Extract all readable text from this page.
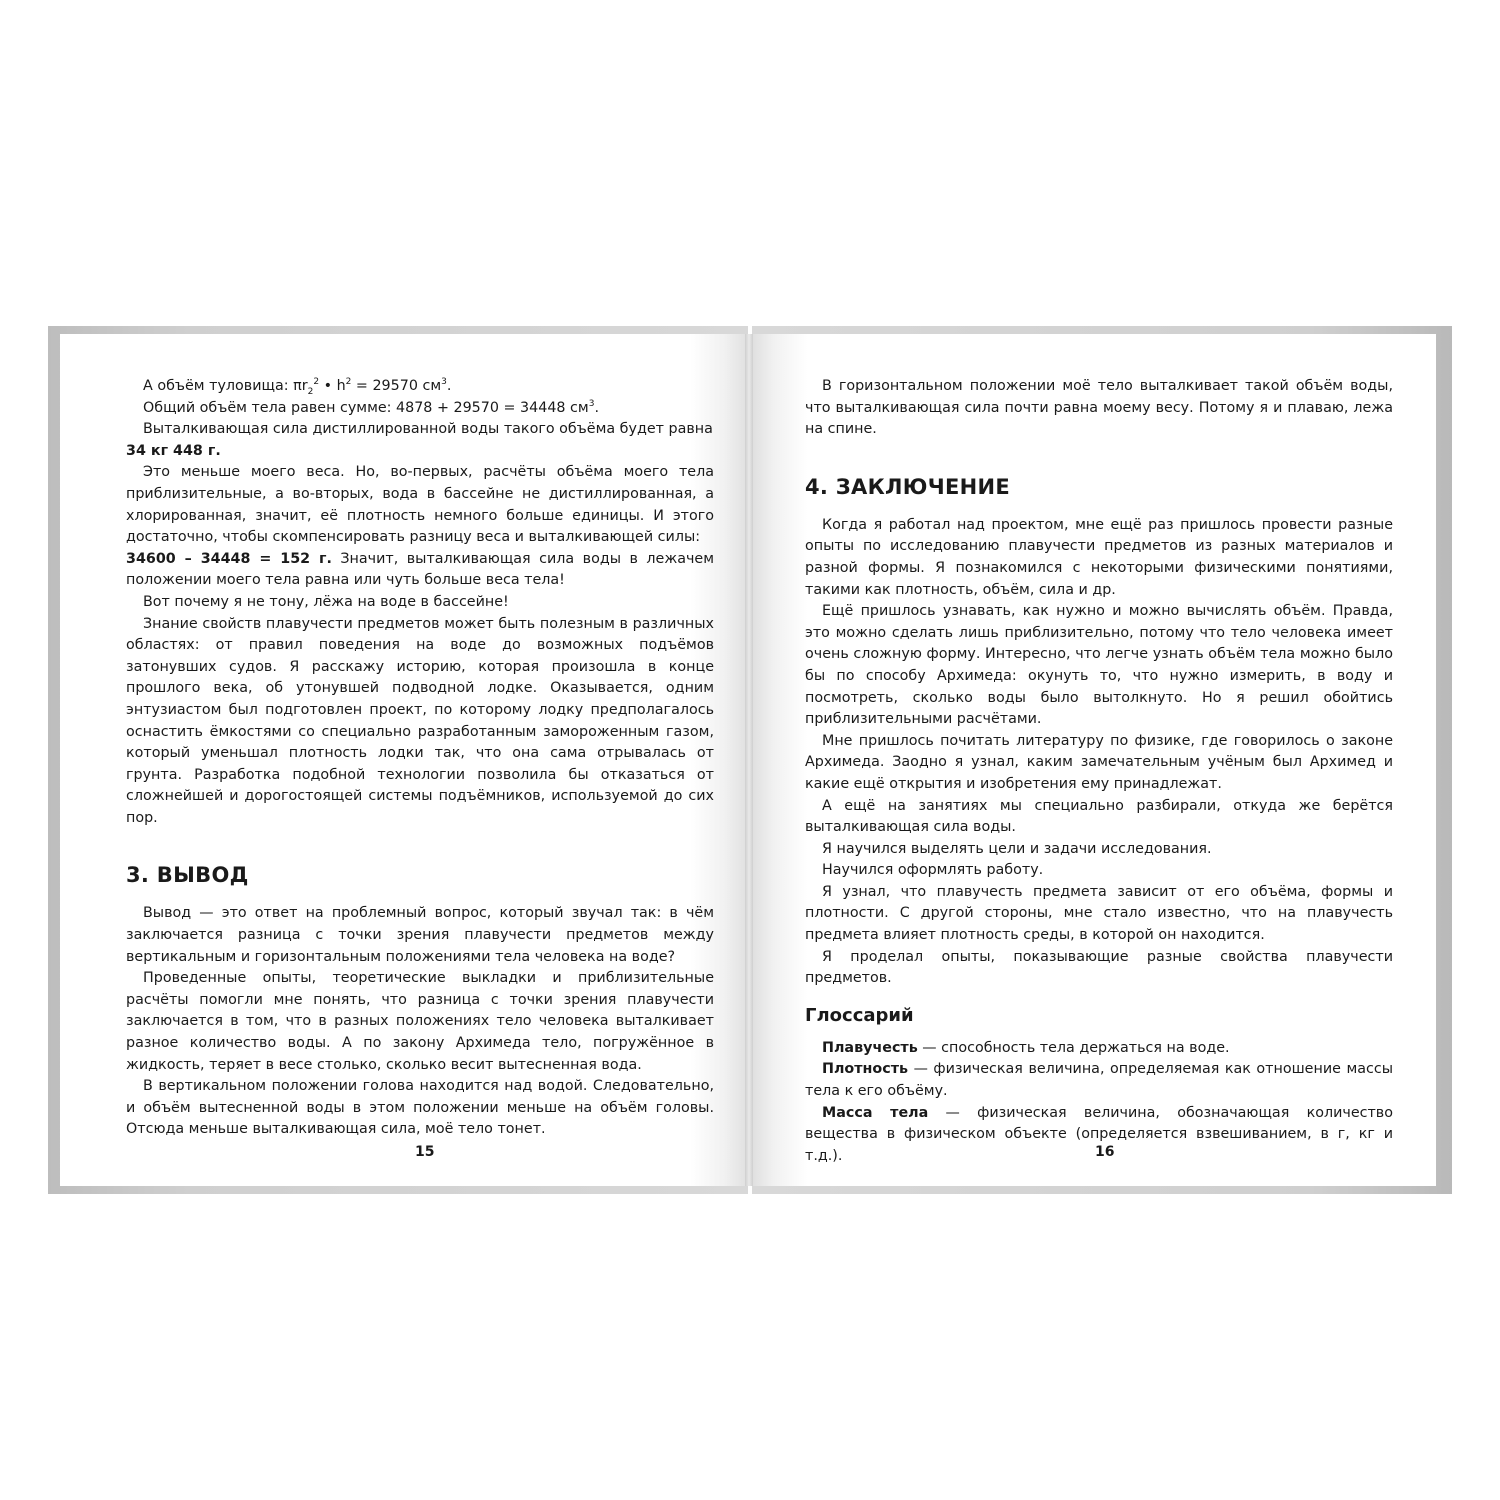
А объём туловища: $\pi r_2^2$ • $h^2 = 29570$ $см^3$.

Общий объём тела равен сумме: 4878 + 29570 = 34448 $см^3$.

Выталкивающая сила дистиллированной воды такого объёма будет равна

34 кг 448 г.

Это меньше моего веса. Но, во-первых, расчёты объёма моего тела приблизительные, а во-вторых, вода в бассейне не дистиллированная, а хлорированная, значит, её плотность немного больше единицы. И этого достаточно, чтобы скомпенсировать разницу веса и выталкивающей силы:

34600 – 34448 = 152 г. Значит, выталкивающая сила воды в лежачем положении моего тела равна или чуть больше веса тела!

Вот почему я не тону, лёжа на воде в бассейне!

Знание свойств плавучести предметов может быть полезным в различных областях: от правил поведения на воде до возможных подъёмов затонувших судов. Я расскажу историю, которая произошла в конце прошлого века, об утонувшей подводной лодке. Оказывается, одним энтузиастом был подготовлен проект, по которому лодку предполагалось оснастить ёмкостями со специально разработанным замороженным газом, который уменьшал плотность лодки так, что она сама отрывалась от грунта. Разработка подобной технологии позволила бы отказаться от сложнейшей и дорогостоящей системы подъёмников, используемой до сих пор.

3. ВЫВОД

Вывод — это ответ на проблемный вопрос, который звучал так: в чём заключается разница с точки зрения плавучести предметов между вертикальным и горизонтальным положениями тела человека на воде?

Проведенные опыты, теоретические выкладки и приблизительные расчёты помогли мне понять, что разница с точки зрения плавучести заключается в том, что в разных положениях тело человека выталкивает разное количество воды. А по закону Архимеда тело, погружённое в жидкость, теряет в весе столько, сколько весит вытесненная вода.

В вертикальном положении голова находится над водой. Следовательно, и объём вытесненной воды в этом положении меньше на объём головы. Отсюда меньше выталкивающая сила, моё тело тонет.

15

В горизонтальном положении моё тело выталкивает такой объём воды, что выталкивающая сила почти равна моему весу. Потому я и плаваю, лежа на спине.

4. ЗАКЛЮЧЕНИЕ

Когда я работал над проектом, мне ещё раз пришлось провести разные опыты по исследованию плавучести предметов из разных материалов и разной формы. Я познакомился с некоторыми физическими понятиями, такими как плотность, объём, сила и др.

Ещё пришлось узнавать, как нужно и можно вычислять объём. Правда, это можно сделать лишь приблизительно, потому что тело человека имеет очень сложную форму. Интересно, что легче узнать объём тела можно было бы по способу Архимеда: окунуть то, что нужно измерить, в воду и посмотреть, сколько воды было вытолкнуто. Но я решил обойтись приблизительными расчётами.

Мне пришлось почитать литературу по физике, где говорилось о законе Архимеда. Заодно я узнал, каким замечательным учёным был Архимед и какие ещё открытия и изобретения ему принадлежат.

А ещё на занятиях мы специально разбирали, откуда же берётся выталкивающая сила воды.

Я научился выделять цели и задачи исследования.

Научился оформлять работу.

Я узнал, что плавучесть предмета зависит от его объёма, формы и плотности. С другой стороны, мне стало известно, что на плавучесть предмета влияет плотность среды, в которой он находится.

Я проделал опыты, показывающие разные свойства плавучести предметов.

Глоссарий

Плавучесть — способность тела держаться на воде.

Плотность — физическая величина, определяемая как отношение массы тела к его объёму.

Масса тела — физическая величина, обозначающая количество вещества в физическом объекте (определяется взвешиванием, в г, кг и т.д.).	16
